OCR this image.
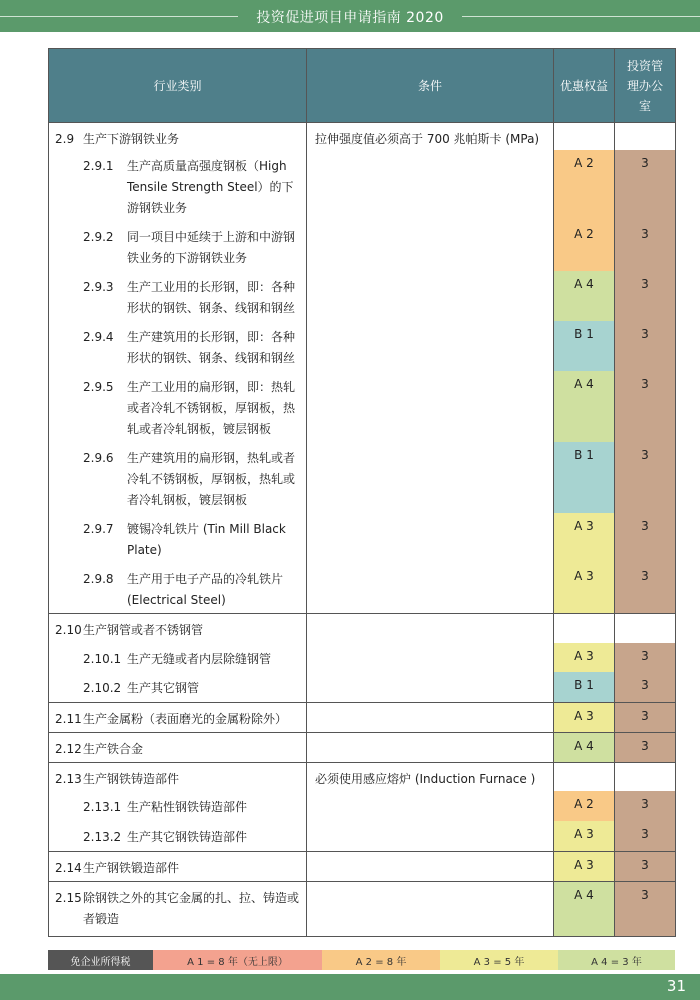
投资促进项目申请指南 2020
行业类别	条件	优惠权益	投资管理办公室

2.9 生产下游钢铁业务	拉伸强度值必须高于 700 兆帕斯卡 (MPa)		

2.9.1 生产高质量高强度钢板（High Tensile Strength Steel）的下游钢铁业务		A 2	3

2.9.2 同一项目中延续于上游和中游钢铁业务的下游钢铁业务		A 2	3

2.9.3 生产工业用的长形钢，即：各种形状的钢铁、钢条、线钢和钢丝		A 4	3

2.9.4 生产建筑用的长形钢，即：各种形状的钢铁、钢条、线钢和钢丝		B 1	3

2.9.5 生产工业用的扁形钢，即：热轧或者冷轧不锈钢板，厚钢板，热轧或者冷轧钢板，镀层钢板		A 4	3

2.9.6 生产建筑用的扁形钢，热轧或者冷轧不锈钢板，厚钢板，热轧或者冷轧钢板，镀层钢板		B 1	3

2.9.7 镀锡冷轧铁片 (Tin Mill Black Plate)		A 3	3

2.9.8 生产用于电子产品的冷轧铁片 (Electrical Steel)		A 3	3

2.10 生产钢管或者不锈钢管			

2.10.1 生产无缝或者内层除缝钢管		A 3	3

2.10.2 生产其它钢管		B 1	3

2.11 生产金属粉（表面磨光的金属粉除外）		A 3	3

2.12 生产铁合金		A 4	3

2.13 生产钢铁铸造部件	必须使用感应熔炉 (Induction Furnace )		

2.13.1 生产粘性钢铁铸造部件		A 2	3

2.13.2 生产其它钢铁铸造部件		A 3	3

2.14 生产钢铁锻造部件		A 3	3

2.15 除钢铁之外的其它金属的扎、拉、铸造或者锻造		A 4	3
免企业所得税	A 1 = 8 年（无上限）	A 2 = 8 年	A 3 = 5 年	A 4 = 3 年
31
